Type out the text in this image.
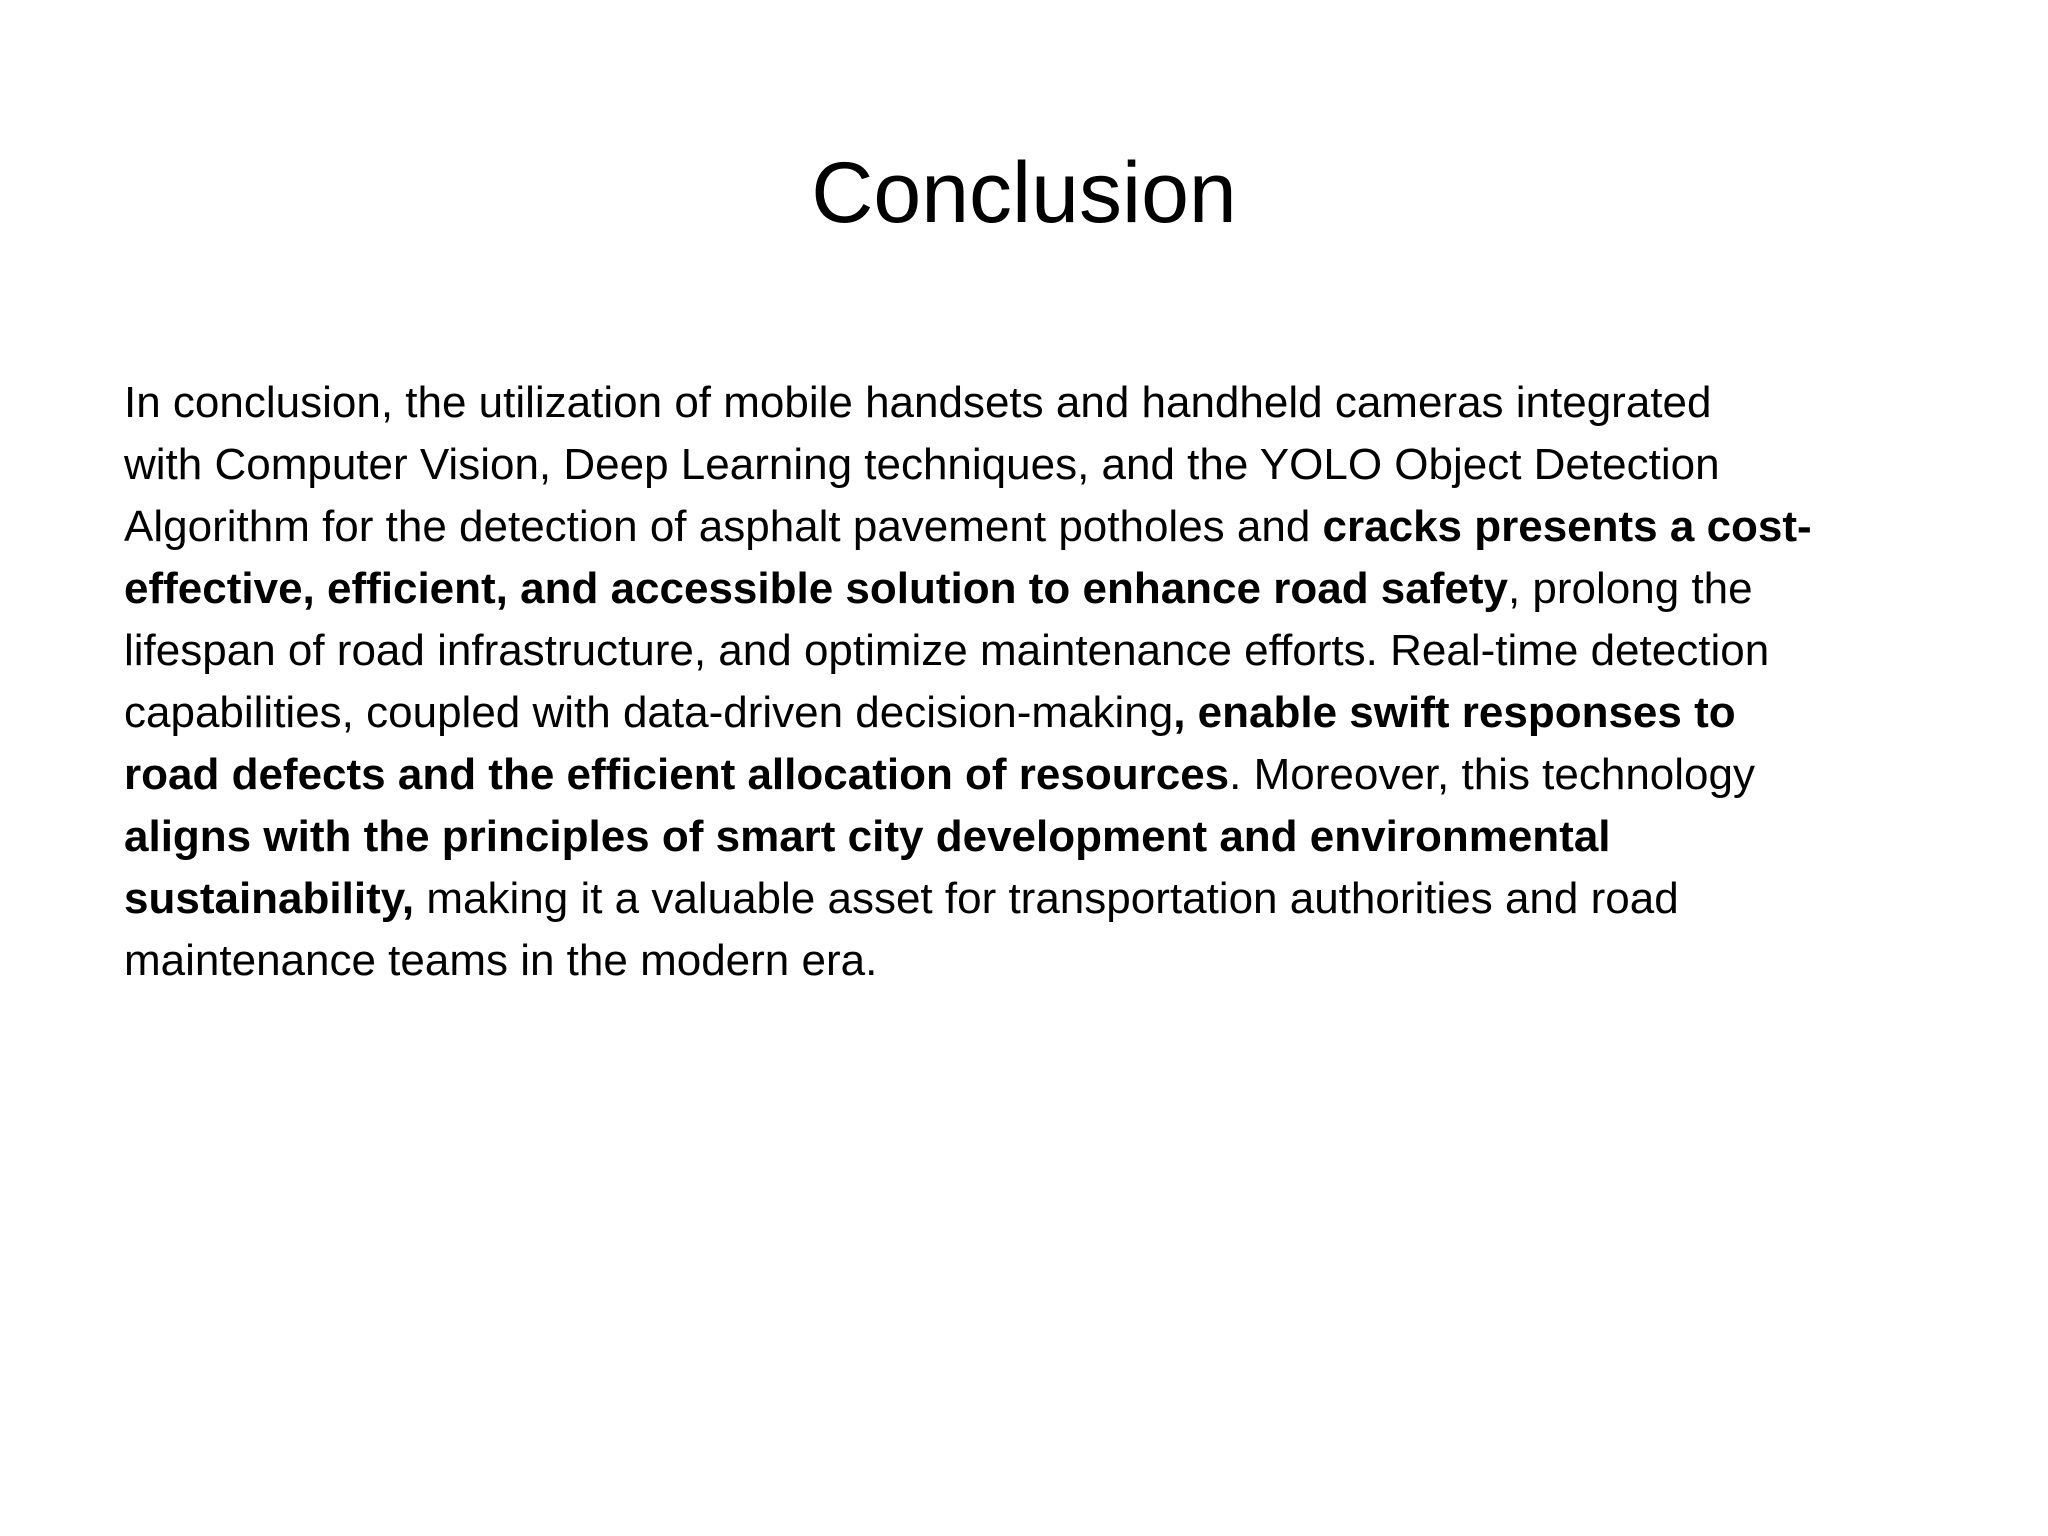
Conclusion
In conclusion, the utilization of mobile handsets and handheld cameras integrated
with Computer Vision, Deep Learning techniques, and the YOLO Object Detection
Algorithm for the detection of asphalt pavement potholes and cracks presents a cost-
effective, efficient, and accessible solution to enhance road safety, prolong the
lifespan of road infrastructure, and optimize maintenance efforts. Real-time detection
capabilities, coupled with data-driven decision-making, enable swift responses to
road defects and the efficient allocation of resources. Moreover, this technology
aligns with the principles of smart city development and environmental
sustainability, making it a valuable asset for transportation authorities and road
maintenance teams in the modern era.
